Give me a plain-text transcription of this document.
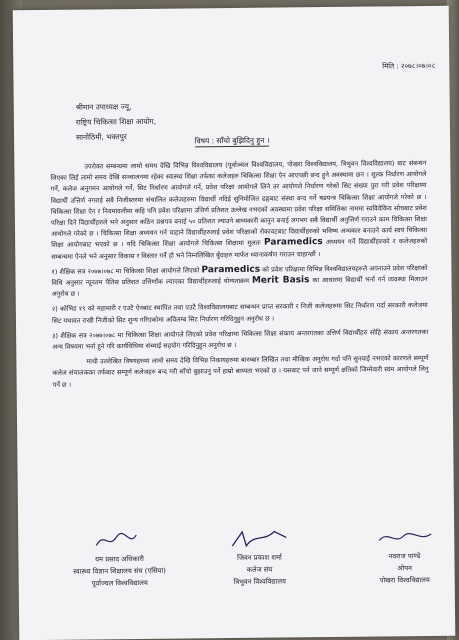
मिति : २०७८।०७।०८
श्रीमान उपाध्यक्ष ज्यू,
राष्ट्रिय चिकित्सा शिक्षा आयोग,
सानोठिमी, भक्तपुर	विषय : साँचो बुझिदिनु हुन ।

उपरोक्त सम्बन्धमा लामो समय देखि विभिन्न विश्वविद्यालय (पूर्वाञ्चल विश्वविद्यालय, पोखरा विश्वविद्यालय, त्रिभुवन विश्वविद्यालय) बाट संबन्धन लिएका लिई लामो समय देखि सञ्चालनमा रहेका स्वास्थ्य शिक्षा तर्फका कलेजहरु चिकित्सा शिक्षा ऐन आएपछी बन्द हुने अवस्थामा छन । शुल्क निर्धारण आयोगले गर्ने, कलेज अनुगमन आयोगले गर्ने, सिट निर्धारण आयोगले गर्ने, प्रवेश परिक्षा आयोगले लिने तर आयोगले निर्धारण गरेको सिट संख्या पुरा गरी प्रवेश परिक्षामा विद्यार्थी उत्तिर्ण नगराई सबै निजीस्तरमा संचालित कलेजहरुमा विद्यार्थी नदिई सुनियोजित ढङ्गबाट संस्था बन्द गर्ने षडयन्त्र चिकित्सा शिक्षा आयोगले गरेको छ । चिकित्सा शिक्षा ऐन र नियमावलीमा कहि पनि प्रवेश परिक्षामा उत्तिर्ण प्रतिशत उल्लेख नभएको अवस्थामा प्रवेश परिक्षा समितिका नाममा स्वविवेकिय सोचबाट प्रवेश परिक्षा दिने विद्यार्थीहरुले भने अनुसार कठिन प्रश्नपत्र बनाई ५० प्रतिशत ल्याउने बाध्यकारी कानुन बनाई लगभग सबै विद्यार्थी अनुत्तिर्ण गराउने काम चिकित्सा शिक्षा आयोगले गरेको छ । चिकित्सा शिक्षा अध्ययन गर्न चाहाने विद्यार्थीहरुलाई प्रवेश परिक्षाको रोकावटबाट विद्यार्थीहरुको भविष्य अन्धकार बनाउने कार्य स्वयं चिकित्सा शिक्षा आयोगबाट भएको छ । यदि चिकित्सा शिक्षा आयोगले चिकित्सा शिक्षामा मुलतः Paramedics अध्ययन गर्ने विद्यार्थीहरुको र कलेजहरुको सम्बन्धमा ऐनले भने अनुसार विकास र विस्तार गर्ने हो भने निम्नलिखित बुँदाहरु मार्फत ध्यानाकर्षण गराउन चाहान्छौं ।

१) शैक्षिक सत्र २०७७।०७८ मा चिकित्सा शिक्षा आयोगले लिएको Paramedics को प्रवेश परिक्षामा विभिन्न विश्वविद्यालयहरुले अपनाउने प्रवेश परिक्षाको विधि अनुसार न्यूनतम पैतिस प्रतिशत उत्तिर्णांक ल्याएका विद्यार्थीहरुलाई योग्यताक्रम Merit Basis का आधारमा विद्यार्थी भर्ना गर्न व्यवस्था मिलाउन अनुरोध छ ।

२) कोभिड १९ को महामारी र एउटै ऐनबाट स्थापित तथा एउटै विश्वविद्यालयबाट सम्बन्धन प्राप्त सरकारी र निजी कलेजहरुमा सिट निर्धारण गर्दा सरकारी कलेजमा सिट यथावत राखी निजीको सिट शुन्य गरिएकोमा अविलम्ब सिट निर्धारण गरिदिनुहुन अनुरोध छ ।

३) शैक्षिक सत्र २०७७।०७८ मा चिकित्सा शिक्षा आयोगले लिएको प्रवेश परिक्षामा चिकित्सा शिक्षा संकाय अन्तरगतका उत्तिर्ण विद्यार्थीहरु सोहि संकाय अन्तरगतका अन्य विषयमा भर्ना हुने गरि कार्यविधिमा संच्याई सहयोग गरिदिनुहुन अनुरोध छ ।

माथी उल्लेखित विषयहरुमा लामो समय देखि विभिन्न निकायहरुमा बारम्बार लिखित तथा मौखिक अनुरोध गर्दा पनि सुनवाई नभएको कारणले सम्पूर्ण कलेज संचालकका तर्फबाट सम्पूर्ण कलेजहरु बन्द गरी साँचो बुझाउनु पर्ने हाम्रो बाध्यता भएको छ । यसबाट पर्न जाने सम्पूर्ण क्षतिको जिम्मेवारी स्वंम आयोगले लिनु पर्ने छ ।

यम प्रसाद अधिकारी
स्वास्थ्य विज्ञान शिक्षालय संघ (एसिया)
पूर्वाञ्चल विश्वविद्यालय
जिवन प्रकाश शर्मा
कलेज संघ
त्रिभुवन विश्वविद्यालय
नवराज पाण्डे
ओपन
पोखरा विश्वविद्यालय
